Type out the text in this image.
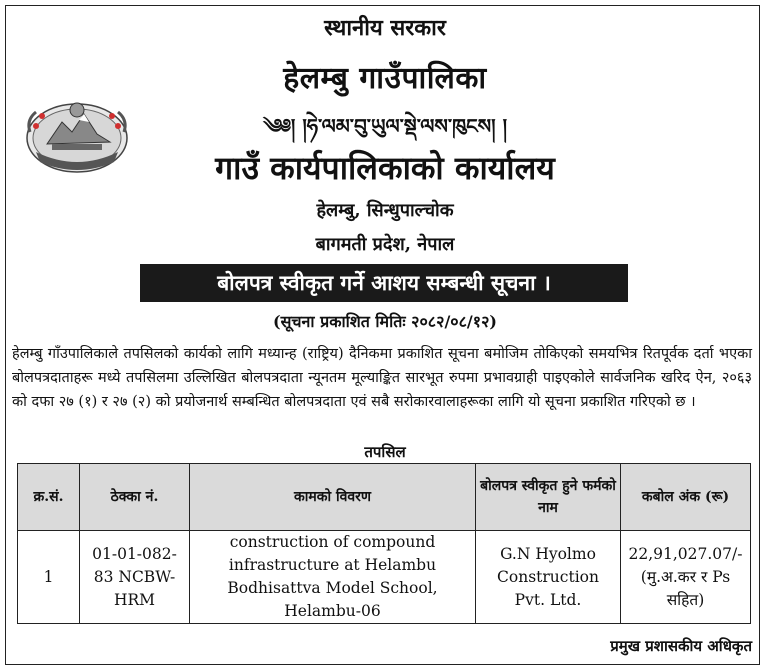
स्थानीय सरकार
हेलम्बु गाउँपालिका
༄༅། །ཧེ་ལམ་བུ་ཡུལ་སྡེ་ལས་ཁུངས། །
गाउँ कार्यपालिकाको कार्यालय
हेलम्बु, सिन्धुपाल्चोक
बागमती प्रदेश, नेपाल
बोलपत्र स्वीकृत गर्ने आशय सम्बन्धी सूचना ।
(सूचना प्रकाशित मितिः २०८२/०८/१२)
हेलम्बु गाँउपालिकाले तपसिलको कार्यको लागि मध्यान्ह (राष्ट्रिय) दैनिकमा प्रकाशित सूचना बमोजिम तोकिएको समयभित्र रितपूर्वक दर्ता भएका बोलपत्रदाताहरू मध्ये तपसिलमा उल्लिखित बोलपत्रदाता न्यूनतम मूल्याङ्कित सारभूत रुपमा प्रभावग्राही पाइएकोले सार्वजनिक खरिद ऐन, २०६३ को दफा २७ (१) र २७ (२) को प्रयोजनार्थ सम्बन्धित बोलपत्रदाता एवं सबै सरोकारवालाहरूका लागि यो सूचना प्रकाशित गरिएको छ ।
तपसिल
क्र.सं.	ठेक्का नं.	कामको विवरण	बोलपत्र स्वीकृत हुने फर्मको नाम	कबोल अंक (रू)
1	01-01-082-83 NCBW-HRM	construction of compound infrastructure at Helambu Bodhisattva Model School, Helambu-06	G.N Hyolmo Construction Pvt. Ltd.	22,91,027.07/-
(मु.अ.कर र Ps सहित)
प्रमुख प्रशासकीय अधिकृत
